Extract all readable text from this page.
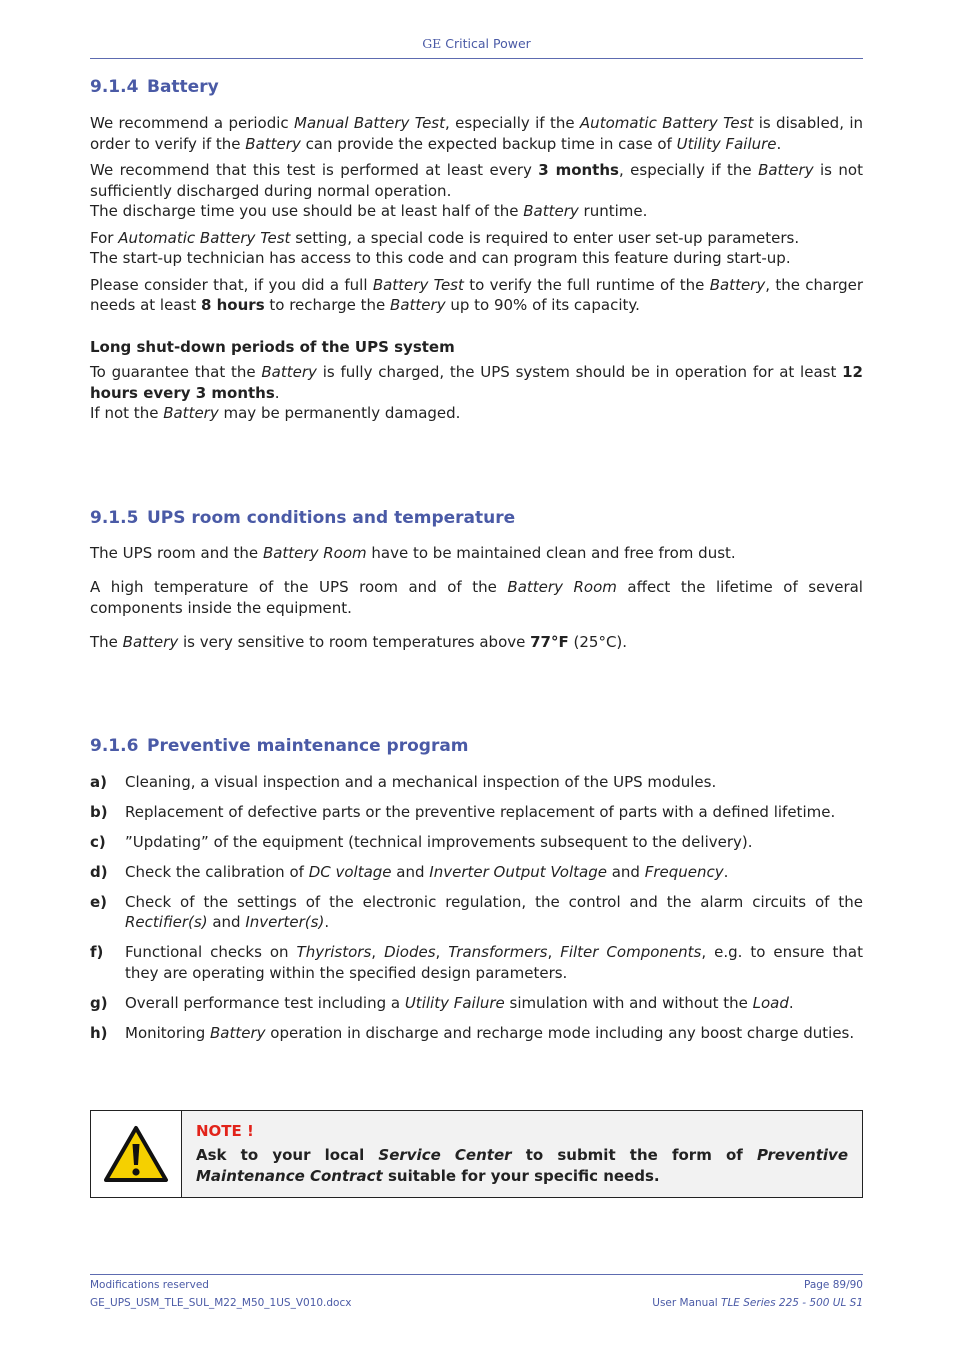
GE Critical Power
9.1.4 Battery

We recommend a periodic Manual Battery Test, especially if the Automatic Battery Test is disabled, in order to verify if the Battery can provide the expected backup time in case of Utility Failure.

We recommend that this test is performed at least every 3 months, especially if the Battery is not sufficiently discharged during normal operation.

The discharge time you use should be at least half of the Battery runtime.

For Automatic Battery Test setting, a special code is required to enter user set-up parameters.

The start-up technician has access to this code and can program this feature during start-up.

Please consider that, if you did a full Battery Test to verify the full runtime of the Battery, the charger needs at least 8 hours to recharge the Battery up to 90% of its capacity.

Long shut-down periods of the UPS system

To guarantee that the Battery is fully charged, the UPS system should be in operation for at least 12 hours every 3 months.

If not the Battery may be permanently damaged.

9.1.5 UPS room conditions and temperature

The UPS room and the Battery Room have to be maintained clean and free from dust.

A high temperature of the UPS room and of the Battery Room affect the lifetime of several components inside the equipment.

The Battery is very sensitive to room temperatures above 77°F (25°C).

9.1.6 Preventive maintenance program
a) Cleaning, a visual inspection and a mechanical inspection of the UPS modules.
b) Replacement of defective parts or the preventive replacement of parts with a defined lifetime.
c) ”Updating” of the equipment (technical improvements subsequent to the delivery).
d) Check the calibration of DC voltage and Inverter Output Voltage and Frequency.
e) Check of the settings of the electronic regulation, the control and the alarm circuits of the Rectifier(s) and Inverter(s).
f) Functional checks on Thyristors, Diodes, Transformers, Filter Components, e.g. to ensure that they are operating within the specified design parameters.
g) Overall performance test including a Utility Failure simulation with and without the Load.
h) Monitoring Battery operation in discharge and recharge mode including any boost charge duties.
NOTE !
Ask to your local Service Center to submit the form of Preventive Maintenance Contract suitable for your specific needs.
Modifications reserved
GE_UPS_USM_TLE_SUL_M22_M50_1US_V010.docx
Page 89/90
User Manual TLE Series 225 - 500 UL S1
